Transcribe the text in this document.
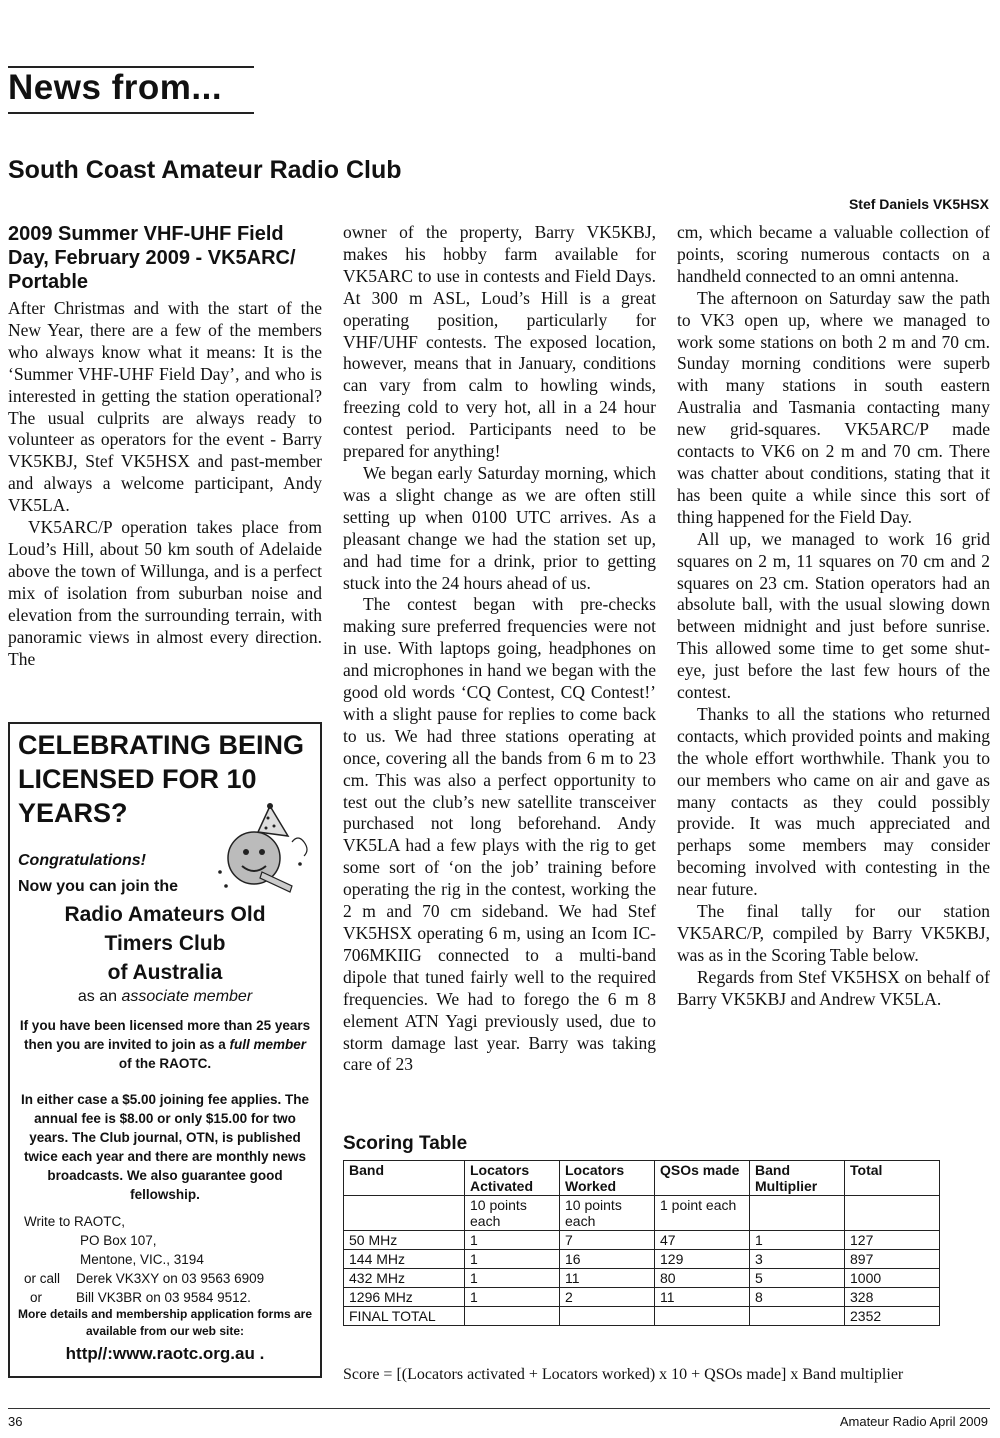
News from...
South Coast Amateur Radio Club
Stef Daniels VK5HSX
2009 Summer VHF-UHF Field Day, February 2009 - VK5ARC/ Portable

After Christmas and with the start of the New Year, there are a few of the members who always know what it means: It is the ‘Summer VHF-UHF Field Day’, and who is interested in getting the station operational? The usual culprits are always ready to volunteer as operators for the event - Barry VK5KBJ, Stef VK5HSX and past-member and always a welcome participant, Andy VK5LA.

VK5ARC/P operation takes place from Loud’s Hill, about 50 km south of Adelaide above the town of Willunga, and is a perfect mix of isolation from suburban noise and elevation from the surrounding terrain, with panoramic views in almost every direction. The

owner of the property, Barry VK5KBJ, makes his hobby farm available for VK5ARC to use in contests and Field Days. At 300 m ASL, Loud’s Hill is a great operating position, particularly for VHF/UHF contests. The exposed location, however, means that in January, conditions can vary from calm to howling winds, freezing cold to very hot, all in a 24 hour contest period. Participants need to be prepared for anything!

We began early Saturday morning, which was a slight change as we are often still setting up when 0100 UTC arrives. As a pleasant change we had the station set up, and had time for a drink, prior to getting stuck into the 24 hours ahead of us.

The contest began with pre-checks making sure preferred frequencies were not in use. With laptops going, headphones on and microphones in hand we began with the good old words ‘CQ Contest, CQ Contest!’ with a slight pause for replies to come back to us. We had three stations operating at once, covering all the bands from 6 m to 23 cm. This was also a perfect opportunity to test out the club’s new satellite transceiver purchased not long beforehand. Andy VK5LA had a few plays with the rig to get some sort of ‘on the job’ training before operating the rig in the contest, working the 2 m and 70 cm sideband. We had Stef VK5HSX operating 6 m, using an Icom IC-706MKIIG connected to a multi-band dipole that tuned fairly well to the required frequencies. We had to forego the 6 m 8 element ATN Yagi previously used, due to storm damage last year. Barry was taking care of 23

cm, which became a valuable collection of points, scoring numerous contacts on a handheld connected to an omni antenna.

The afternoon on Saturday saw the path to VK3 open up, where we managed to work some stations on both 2 m and 70 cm. Sunday morning conditions were superb with many stations in south eastern Australia and Tasmania contacting many new grid-squares. VK5ARC/P made contacts to VK6 on 2 m and 70 cm. There was chatter about conditions, stating that it has been quite a while since this sort of thing happened for the Field Day.

All up, we managed to work 16 grid squares on 2 m, 11 squares on 70 cm and 2 squares on 23 cm. Station operators had an absolute ball, with the usual slowing down between midnight and just before sunrise. This allowed some time to get some shut-eye, just before the last few hours of the contest.

Thanks to all the stations who returned contacts, which provided points and making the whole effort worthwhile. Thank you to our members who came on air and gave as many contacts as they could possibly provide. It was much appreciated and perhaps some members may consider becoming involved with contesting in the near future.

The final tally for our station VK5ARC/P, compiled by Barry VK5KBJ, was as in the Scoring Table below.

Regards from Stef VK5HSX on behalf of Barry VK5KBJ and Andrew VK5LA.

CELEBRATING BEING
LICENSED FOR 10
YEARS?
Congratulations!
Now you can join the
Radio Amateurs Old
Timers Club
of Australia
as an associate member
If you have been licensed more than 25 years then you are invited to join as a full member of the RAOTC.
In either case a $5.00 joining fee applies. The annual fee is $8.00 or only $15.00 for two years. The Club journal, OTN, is published twice each year and there are monthly news broadcasts. We also guarantee good fellowship.
Write to RAOTC,
PO Box 107,
Mentone, VIC., 3194
or call Derek VK3XY on 03 9563 6909
or	Bill VK3BR on 03 9584 9512.
More details and membership application forms are available from our web site:
http//:www.raotc.org.au .
Scoring Table
Band	Locators Activated	Locators Worked	QSOs made	Band Multiplier	Total
	10 points each	10 points each	1 point each		
50 MHz	1	7	47	1	127
144 MHz	1	16	129	3	897
432 MHz	1	11	80	5	1000
1296 MHz	1	2	11	8	328
FINAL TOTAL					2352
Score = [(Locators activated + Locators worked) x 10 + QSOs made] x Band multiplier
36	Amateur Radio April 2009
